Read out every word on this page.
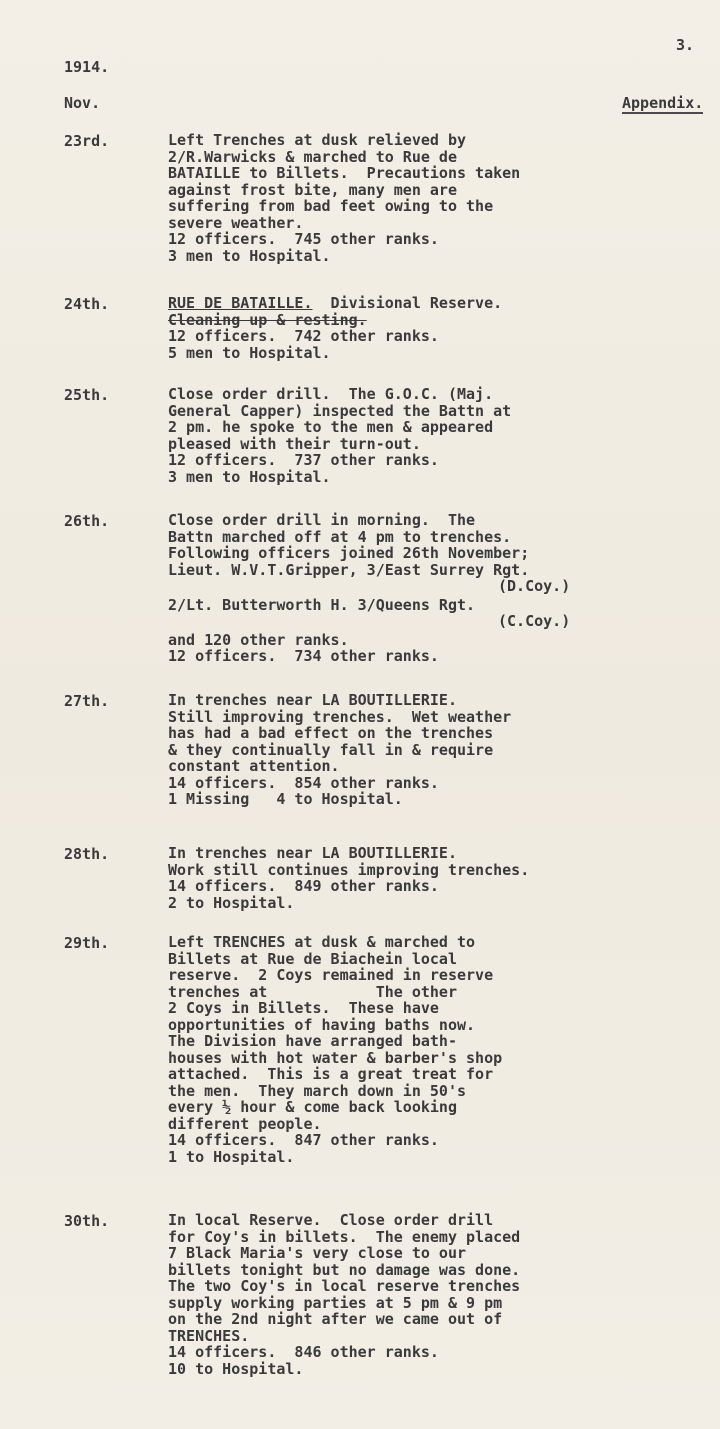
3.
1914.
Nov.	Appendix.
23rd.	Left Trenches at dusk relieved by
2/R.Warwicks & marched to Rue de
BATAILLE to Billets.  Precautions taken
against frost bite, many men are
suffering from bad feet owing to the
severe weather.
12 officers.  745 other ranks.
3 men to Hospital.
24th.	RUE DE BATAILLE.  Divisional Reserve.
Cleaning up & resting.
12 officers.  742 other ranks.
5 men to Hospital.
25th.	Close order drill.  The G.O.C. (Maj.
General Capper) inspected the Battn at
2 pm. he spoke to the men & appeared
pleased with their turn-out.
12 officers.  737 other ranks.
3 men to Hospital.
26th.	Close order drill in morning.  The
Battn marched off at 4 pm to trenches.
Following officers joined 26th November;
Lieut. W.V.T.Gripper, 3/East Surrey Rgt.
(D.Coy.)
2/Lt. Butterworth H. 3/Queens Rgt.
(C.Coy.)
and 120 other ranks.
12 officers.  734 other ranks.
27th.	In trenches near LA BOUTILLERIE.
Still improving trenches.  Wet weather
has had a bad effect on the trenches
& they continually fall in & require
constant attention.
14 officers.  854 other ranks.
1 Missing   4 to Hospital.
28th.	In trenches near LA BOUTILLERIE.
Work still continues improving trenches.
14 officers.  849 other ranks.
2 to Hospital.
29th.	Left TRENCHES at dusk & marched to
Billets at Rue de Biachein local
reserve.  2 Coys remained in reserve
trenches at            The other
2 Coys in Billets.  These have
opportunities of having baths now.
The Division have arranged bath-
houses with hot water & barber's shop
attached.  This is a great treat for
the men.  They march down in 50's
every ½ hour & come back looking
different people.
14 officers.  847 other ranks.
1 to Hospital.
30th.	In local Reserve.  Close order drill
for Coy's in billets.  The enemy placed
7 Black Maria's very close to our
billets tonight but no damage was done.
The two Coy's in local reserve trenches
supply working parties at 5 pm & 9 pm
on the 2nd night after we came out of
TRENCHES.
14 officers.  846 other ranks.
10 to Hospital.
